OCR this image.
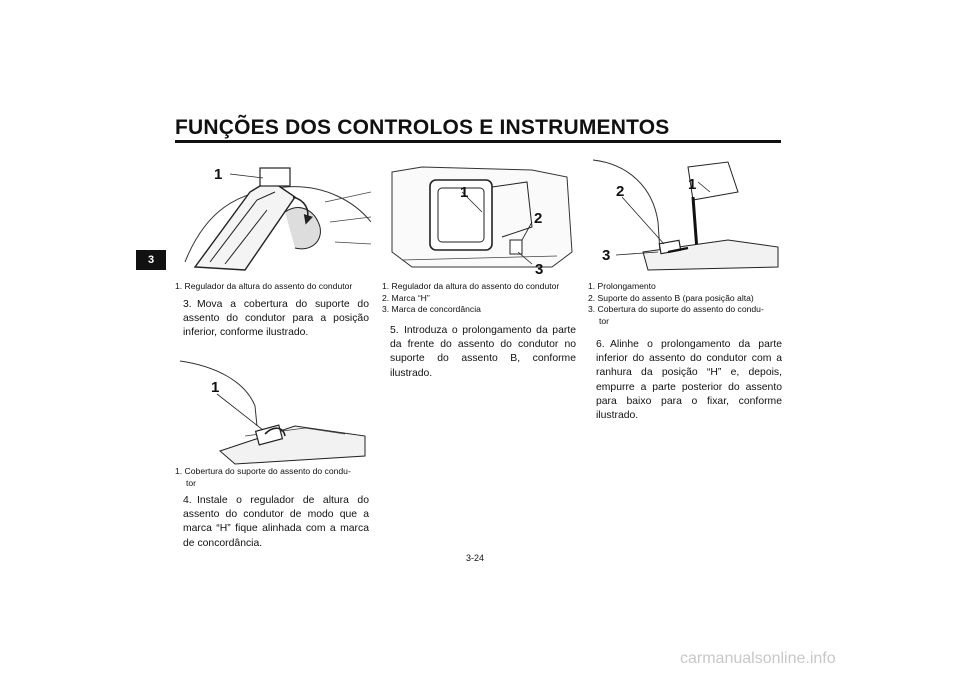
FUNÇÕES DOS CONTROLOS E INSTRUMENTOS
3
1
1. Regulador da altura do assento do condutor
3. Mova a cobertura do suporte do assento do condutor para a posição inferior, conforme ilustrado.
1
1. Cobertura do suporte do assento do condu-
tor
4. Instale o regulador de altura do assento do condutor de modo que a marca “H” fique alinhada com a marca de concordância.
1
2
3
1. Regulador da altura do assento do condutor
2. Marca “H”
3. Marca de concordância
5. Introduza o prolongamento da parte da frente do assento do condutor no suporte do assento B, conforme ilustrado.
2	1
3
1. Prolongamento
2. Suporte do assento B (para posição alta)
3. Cobertura do suporte do assento do condu-
tor
6. Alinhe o prolongamento da parte inferior do assento do condutor com a ranhura da posição “H” e, depois, empurre a parte posterior do assento para baixo para o fixar, conforme ilustrado.
3-24
carmanualsonline.info
